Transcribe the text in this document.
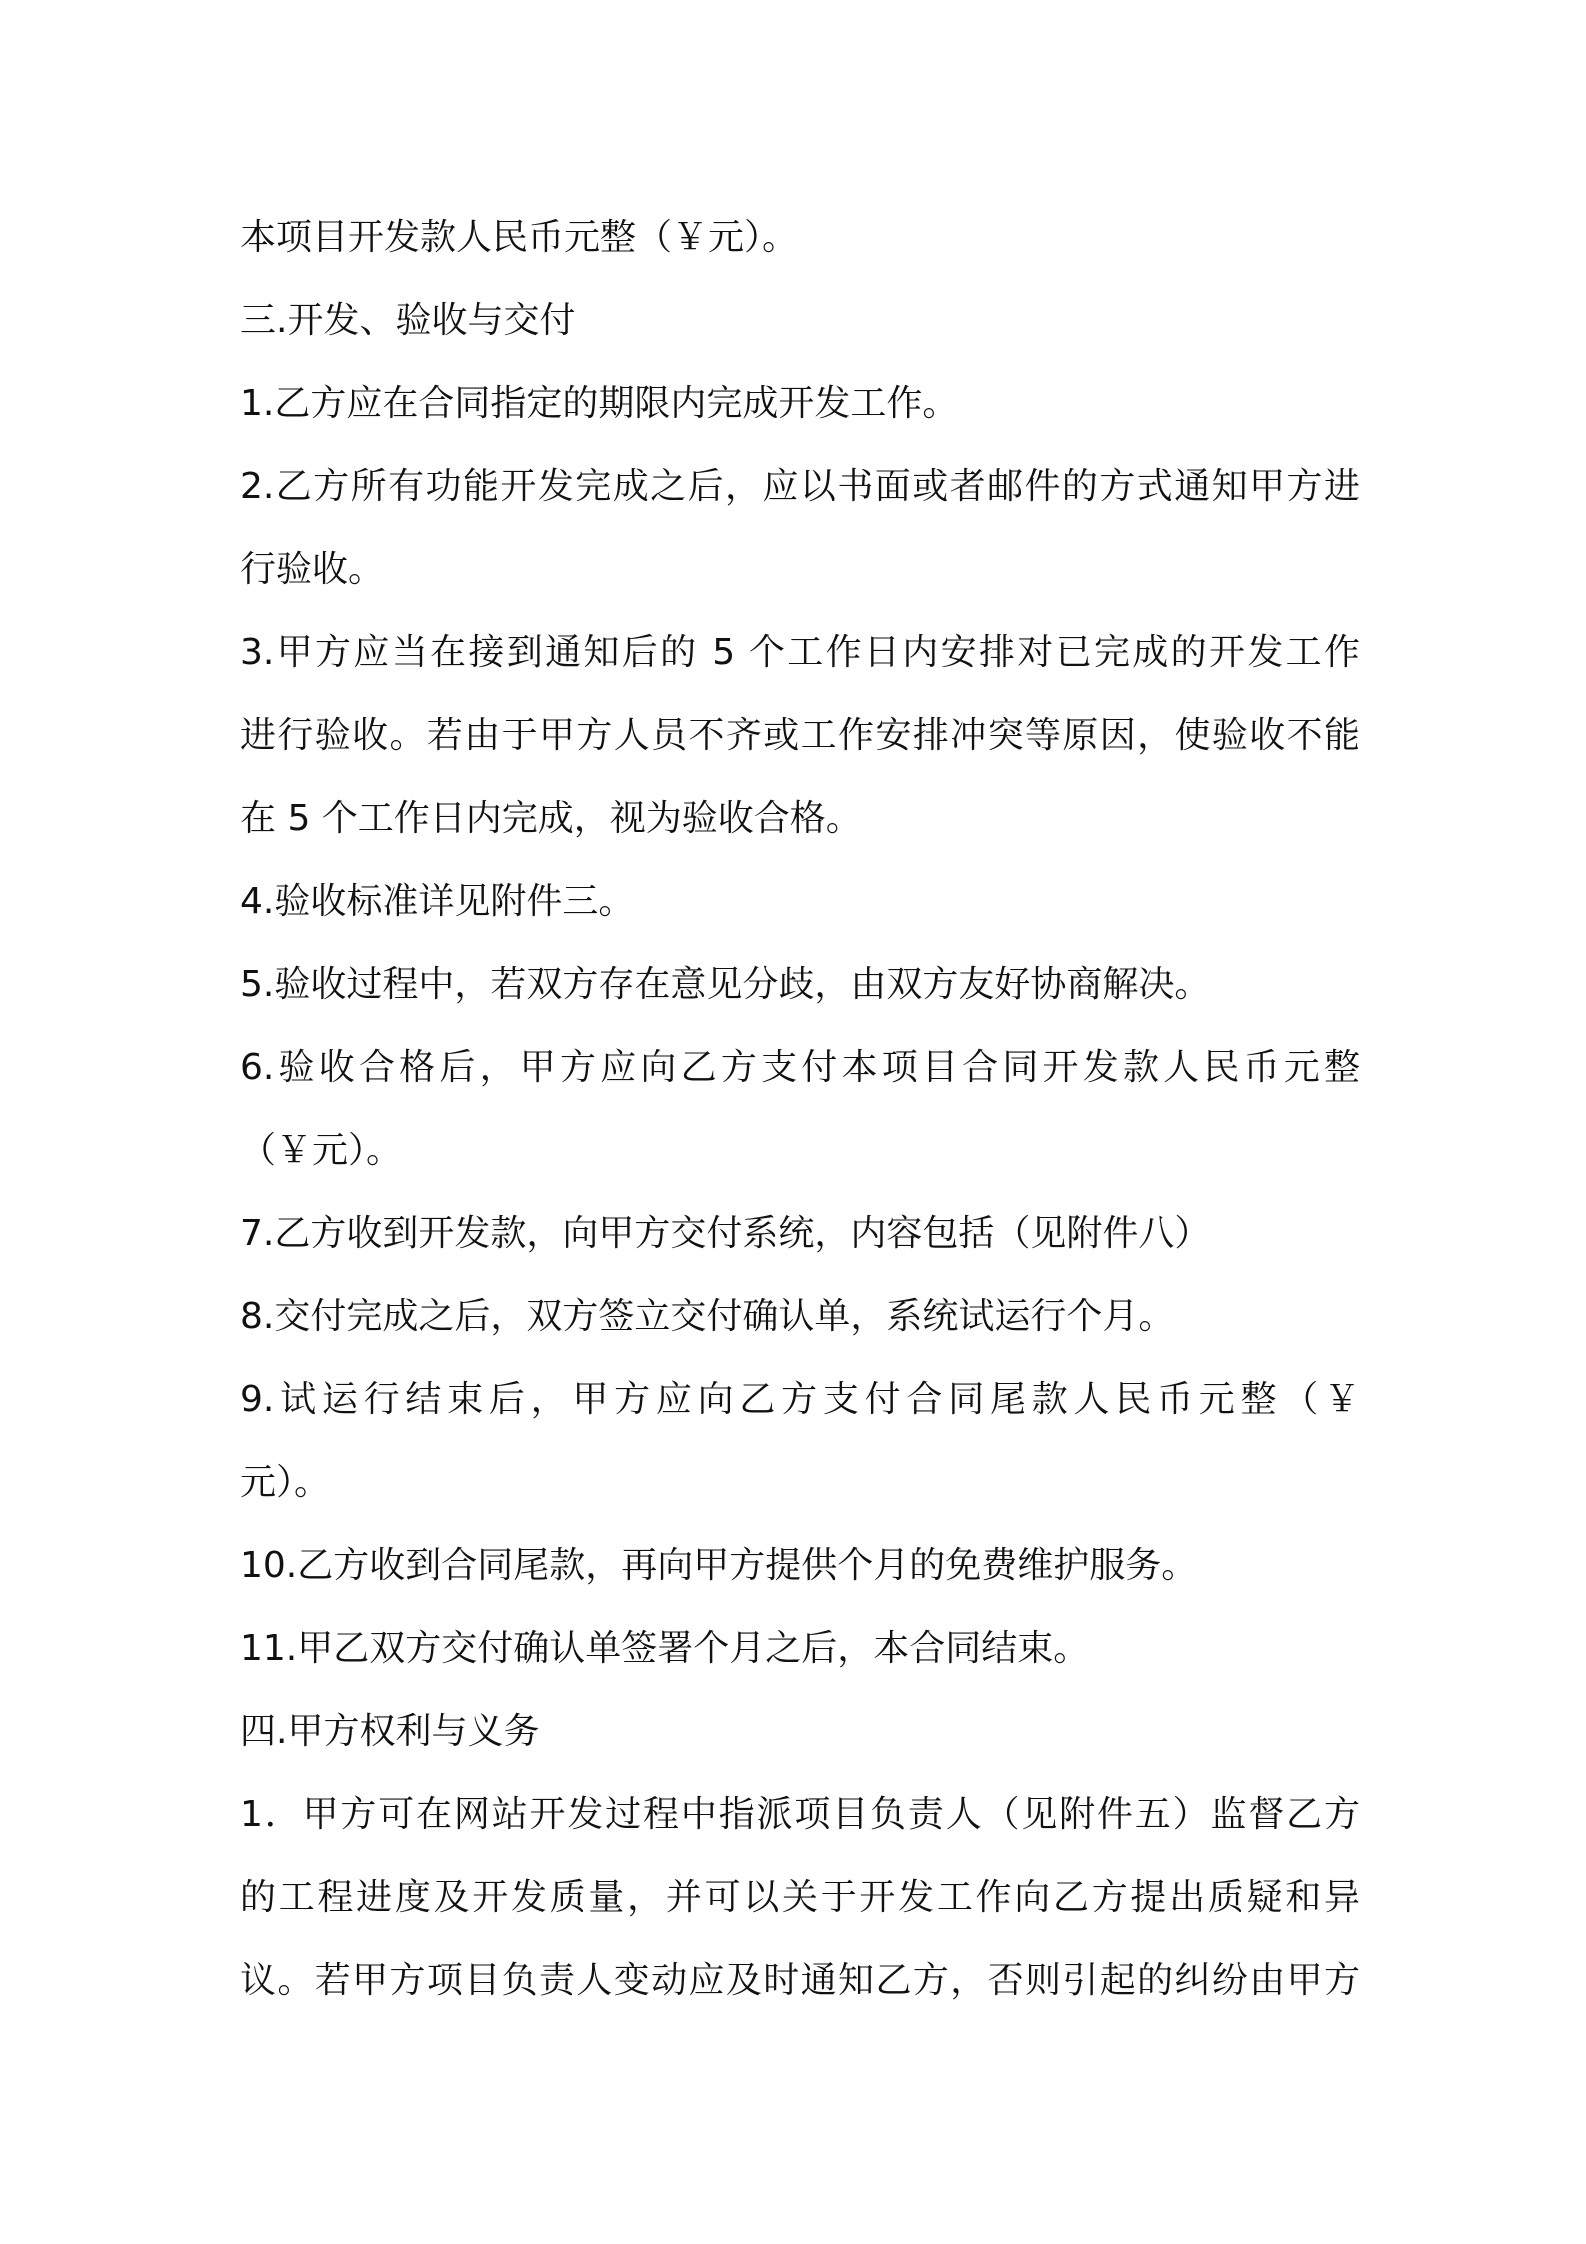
本项目开发款人民币元整（￥元）。
三.开发、验收与交付
1.乙方应在合同指定的期限内完成开发工作。
2.乙方所有功能开发完成之后，应以书面或者邮件的方式通知甲方进
行验收。
3.甲方应当在接到通知后的 5 个工作日内安排对已完成的开发工作
进行验收。若由于甲方人员不齐或工作安排冲突等原因，使验收不能
在 5 个工作日内完成，视为验收合格。
4.验收标准详见附件三。
5.验收过程中，若双方存在意见分歧，由双方友好协商解决。
6.验收合格后，甲方应向乙方支付本项目合同开发款人民币元整
（￥元）。
7.乙方收到开发款，向甲方交付系统，内容包括（见附件八）
8.交付完成之后，双方签立交付确认单，系统试运行个月。
9.试运行结束后，甲方应向乙方支付合同尾款人民币元整（￥
元）。
10.乙方收到合同尾款，再向甲方提供个月的免费维护服务。
11.甲乙双方交付确认单签署个月之后，本合同结束。
四.甲方权利与义务
1．甲方可在网站开发过程中指派项目负责人（见附件五）监督乙方
的工程进度及开发质量，并可以关于开发工作向乙方提出质疑和异
议。若甲方项目负责人变动应及时通知乙方，否则引起的纠纷由甲方
